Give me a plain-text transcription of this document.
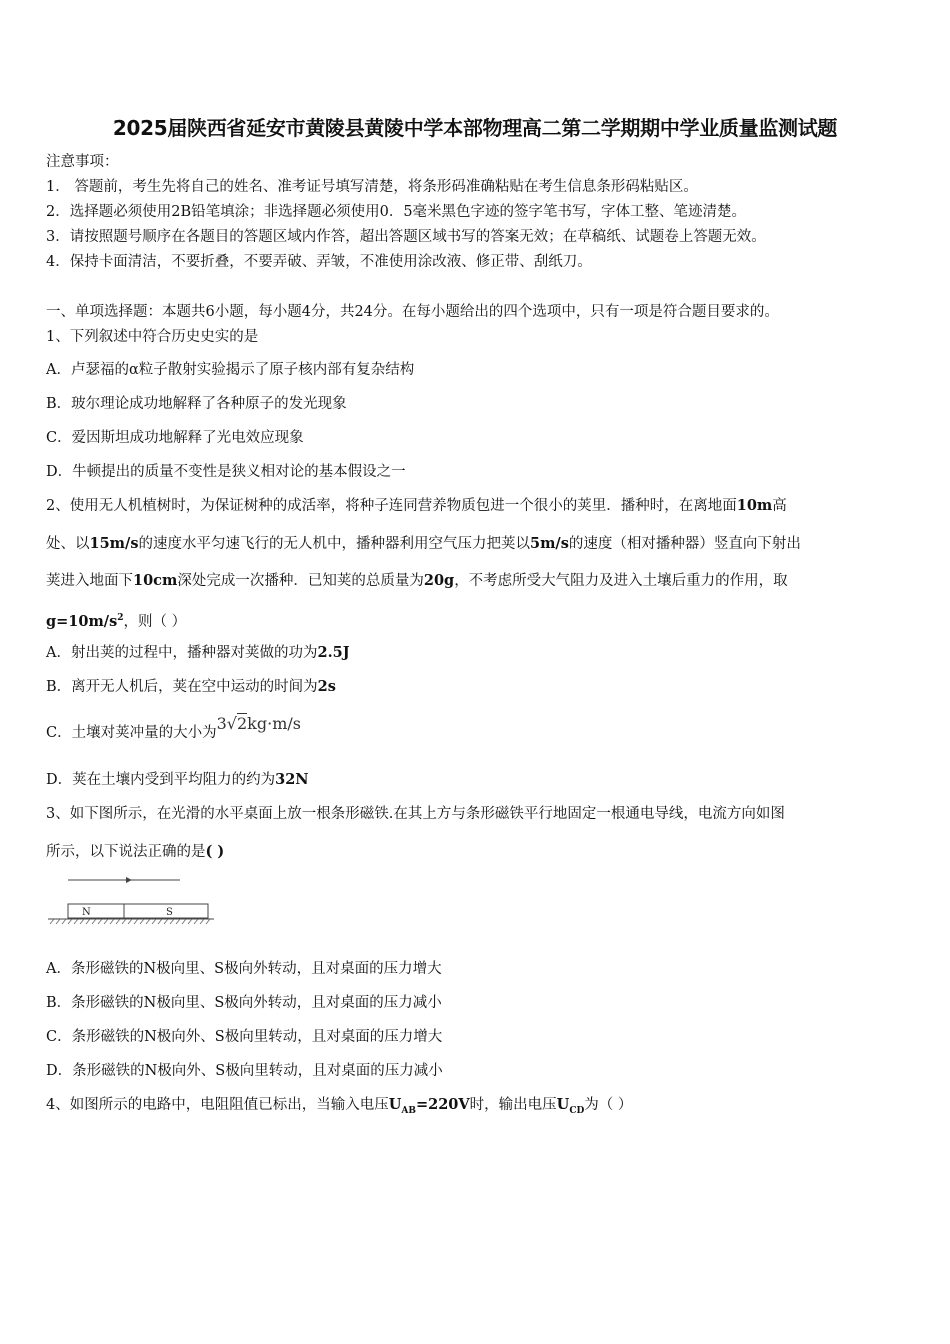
2025届陕西省延安市黄陵县黄陵中学本部物理高二第二学期期中学业质量监测试题
注意事项：
1． 答题前，考生先将自己的姓名、准考证号填写清楚，将条形码准确粘贴在考生信息条形码粘贴区。
2．选择题必须使用2B铅笔填涂；非选择题必须使用0．5毫米黑色字迹的签字笔书写，字体工整、笔迹清楚。
3．请按照题号顺序在各题目的答题区域内作答，超出答题区域书写的答案无效；在草稿纸、试题卷上答题无效。
4．保持卡面清洁，不要折叠，不要弄破、弄皱，不准使用涂改液、修正带、刮纸刀。
一、单项选择题：本题共6小题，每小题4分，共24分。在每小题给出的四个选项中，只有一项是符合题目要求的。
1、下列叙述中符合历史史实的是
A．卢瑟福的α粒子散射实验揭示了原子核内部有复杂结构
B．玻尔理论成功地解释了各种原子的发光现象
C．爱因斯坦成功地解释了光电效应现象
D．牛顿提出的质量不变性是狭义相对论的基本假设之一
2、使用无人机植树时，为保证树种的成活率，将种子连同营养物质包进一个很小的荚里．播种时，在离地面10m高
处、以15m/s的速度水平匀速飞行的无人机中，播种器利用空气压力把荚以5m/s的速度（相对播种器）竖直向下射出
荚进入地面下10cm深处完成一次播种．已知荚的总质量为20g，不考虑所受大气阻力及进入土壤后重力的作用，取
$g=10m/s^2$，则（ ）
A．射出荚的过程中，播种器对荚做的功为2.5J
B．离开无人机后，荚在空中运动的时间为2s
C．土壤对荚冲量的大小为3√2kg·m/s
D．荚在土壤内受到平均阻力的约为32N
3、如下图所示，在光滑的水平桌面上放一根条形磁铁.在其上方与条形磁铁平行地固定一根通电导线，电流方向如图
所示，以下说法正确的是( )
N	S
A．条形磁铁的N极向里、S极向外转动，且对桌面的压力增大
B．条形磁铁的N极向里、S极向外转动，且对桌面的压力减小
C．条形磁铁的N极向外、S极向里转动，且对桌面的压力增大
D．条形磁铁的N极向外、S极向里转动，且对桌面的压力减小
4、如图所示的电路中，电阻阻值已标出，当输入电压$U_{AB}=220V$时，输出电压$U_{CD}$为（ ）
